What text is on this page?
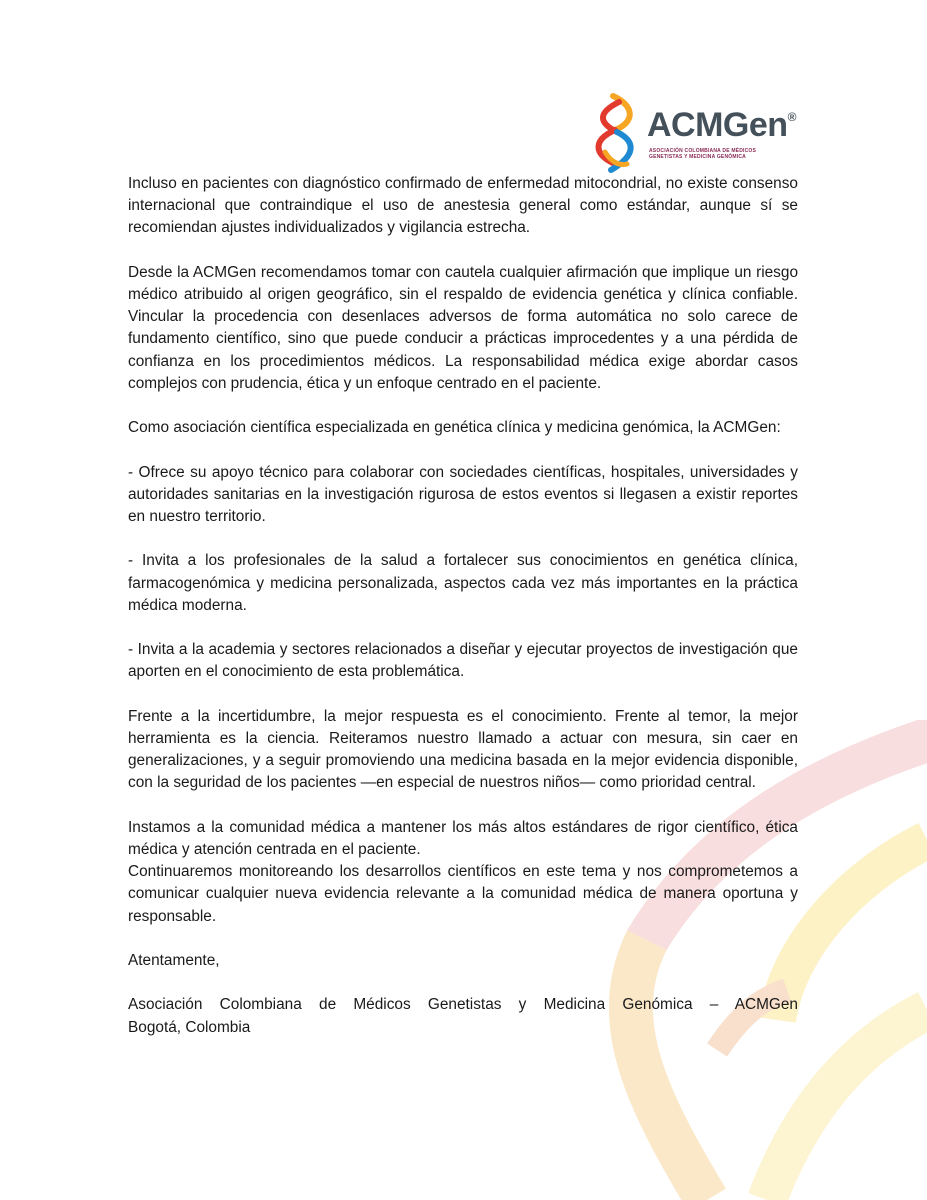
ACMGen®
ASOCIACIÓN COLOMBIANA DE MÉDICOS GENETISTAS Y MEDICINA GENÓMICA

Incluso en pacientes con diagnóstico confirmado de enfermedad mitocondrial, no existe consenso internacional que contraindique el uso de anestesia general como estándar, aunque sí se recomiendan ajustes individualizados y vigilancia estrecha.

Desde la ACMGen recomendamos tomar con cautela cualquier afirmación que implique un riesgo médico atribuido al origen geográfico, sin el respaldo de evidencia genética y clínica confiable. Vincular la procedencia con desenlaces adversos de forma automática no solo carece de fundamento científico, sino que puede conducir a prácticas improcedentes y a una pérdida de confianza en los procedimientos médicos. La responsabilidad médica exige abordar casos complejos con prudencia, ética y un enfoque centrado en el paciente.

Como asociación científica especializada en genética clínica y medicina genómica, la ACMGen:

- Ofrece su apoyo técnico para colaborar con sociedades científicas, hospitales, universidades y autoridades sanitarias en la investigación rigurosa de estos eventos si llegasen a existir reportes en nuestro territorio.

- Invita a los profesionales de la salud a fortalecer sus conocimientos en genética clínica, farmacogenómica y medicina personalizada, aspectos cada vez más importantes en la práctica médica moderna.

- Invita a la academia y sectores relacionados a diseñar y ejecutar proyectos de investigación que aporten en el conocimiento de esta problemática.

Frente a la incertidumbre, la mejor respuesta es el conocimiento. Frente al temor, la mejor herramienta es la ciencia. Reiteramos nuestro llamado a actuar con mesura, sin caer en generalizaciones, y a seguir promoviendo una medicina basada en la mejor evidencia disponible, con la seguridad de los pacientes —en especial de nuestros niños— como prioridad central.

Instamos a la comunidad médica a mantener los más altos estándares de rigor científico, ética médica y atención centrada en el paciente.

Continuaremos monitoreando los desarrollos científicos en este tema y nos comprometemos a comunicar cualquier nueva evidencia relevante a la comunidad médica de manera oportuna y responsable.

Atentamente,

Asociación Colombiana de Médicos Genetistas y Medicina Genómica – ACMGen

Bogotá, Colombia
